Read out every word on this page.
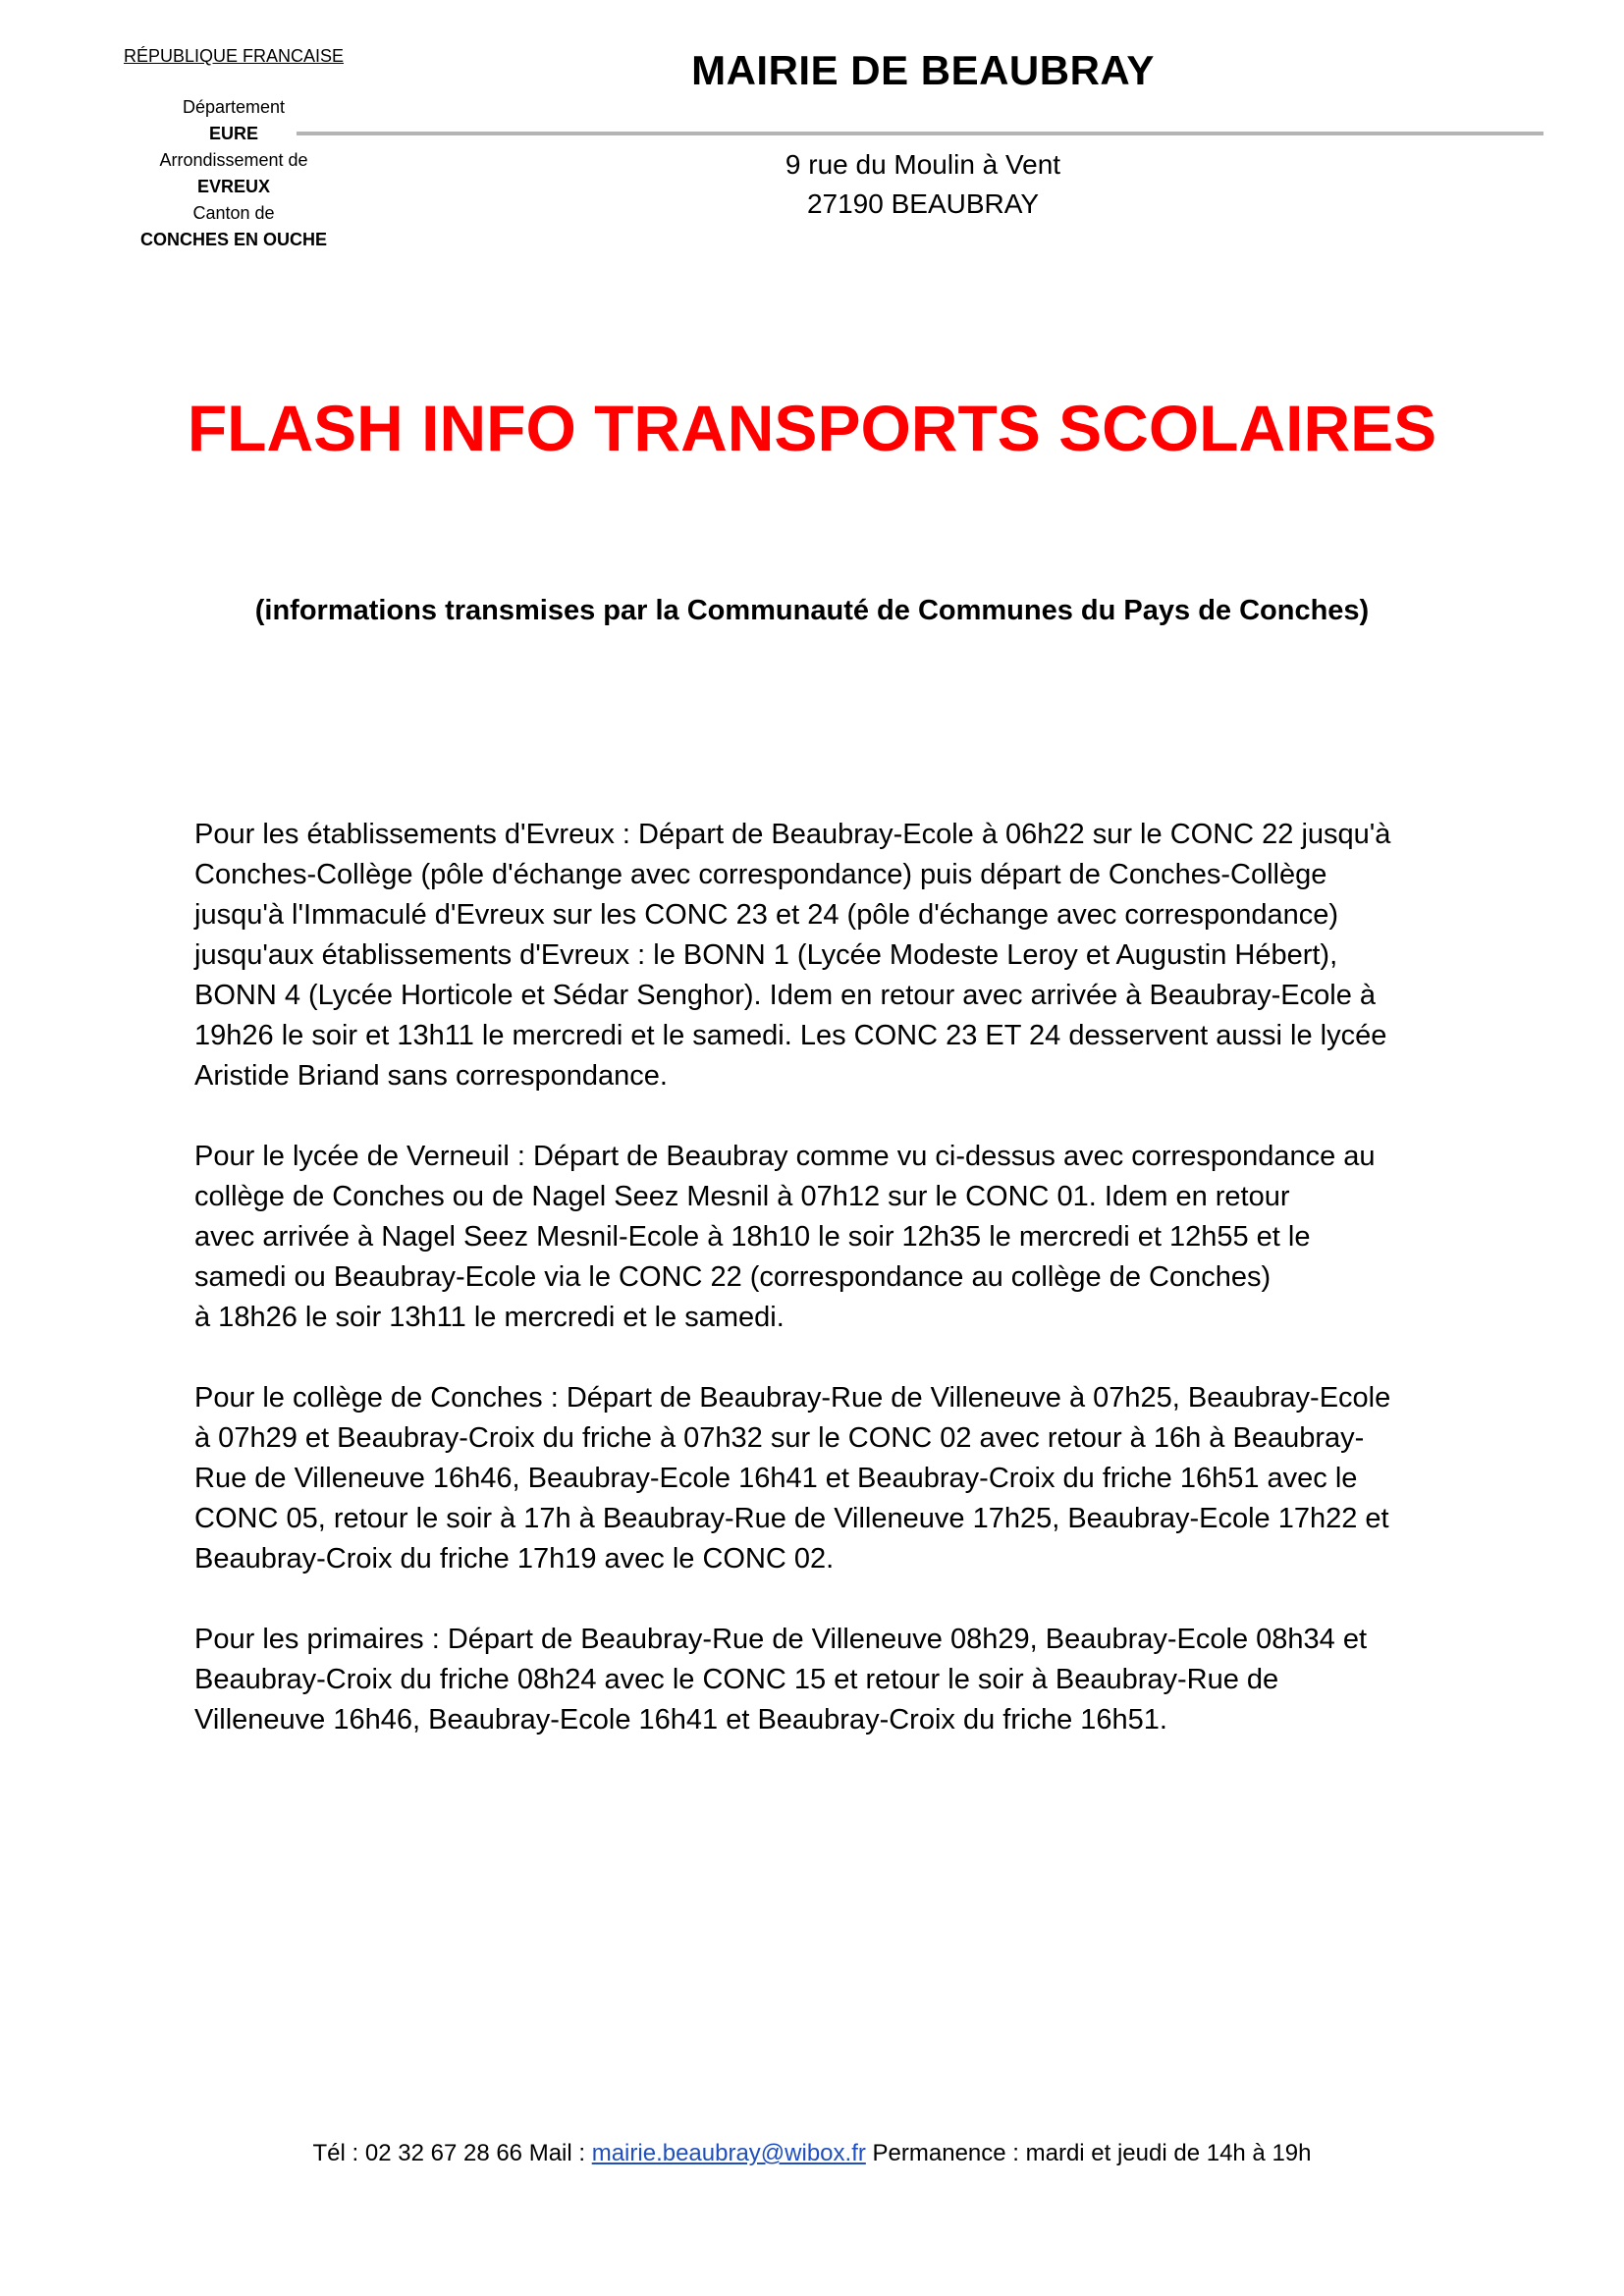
RÉPUBLIQUE FRANCAISE
Département
EURE
Arrondissement de
EVREUX
Canton de
CONCHES EN OUCHE
MAIRIE DE BEAUBRAY
9 rue du Moulin à Vent
27190 BEAUBRAY
FLASH INFO TRANSPORTS SCOLAIRES
(informations transmises par la Communauté de Communes du Pays de Conches)

Pour les établissements d'Evreux : Départ de Beaubray-Ecole à 06h22 sur le CONC 22 jusqu'à
Conches-Collège (pôle d'échange avec correspondance) puis départ de Conches-Collège
jusqu'à l'Immaculé d'Evreux sur les CONC 23 et 24 (pôle d'échange avec correspondance)
jusqu'aux établissements d'Evreux : le BONN 1 (Lycée Modeste Leroy et Augustin Hébert),
BONN 4 (Lycée Horticole et Sédar Senghor). Idem en retour avec arrivée à Beaubray-Ecole à
19h26 le soir et 13h11 le mercredi et le samedi. Les CONC 23 ET 24 desservent aussi le lycée
Aristide Briand sans correspondance.

Pour le lycée de Verneuil : Départ de Beaubray comme vu ci-dessus avec correspondance au
collège de Conches ou de Nagel Seez Mesnil à 07h12 sur le CONC 01. Idem en retour
avec arrivée à Nagel Seez Mesnil-Ecole à 18h10 le soir 12h35 le mercredi et 12h55 et le
samedi ou Beaubray-Ecole via le CONC 22 (correspondance au collège de Conches)
à 18h26 le soir 13h11 le mercredi et le samedi.

Pour le collège de Conches : Départ de Beaubray-Rue de Villeneuve à 07h25, Beaubray-Ecole
à 07h29 et Beaubray-Croix du friche à 07h32 sur le CONC 02 avec retour à 16h à Beaubray-
Rue de Villeneuve 16h46, Beaubray-Ecole 16h41 et Beaubray-Croix du friche 16h51 avec le
CONC 05, retour le soir à 17h à Beaubray-Rue de Villeneuve 17h25, Beaubray-Ecole 17h22 et
Beaubray-Croix du friche 17h19 avec le CONC 02.

Pour les primaires : Départ de Beaubray-Rue de Villeneuve 08h29, Beaubray-Ecole 08h34 et
Beaubray-Croix du friche 08h24 avec le CONC 15 et retour le soir à Beaubray-Rue de
Villeneuve 16h46, Beaubray-Ecole 16h41 et Beaubray-Croix du friche 16h51.

Tél : 02 32 67 28 66 Mail : mairie.beaubray@wibox.fr Permanence : mardi et jeudi de 14h à 19h
